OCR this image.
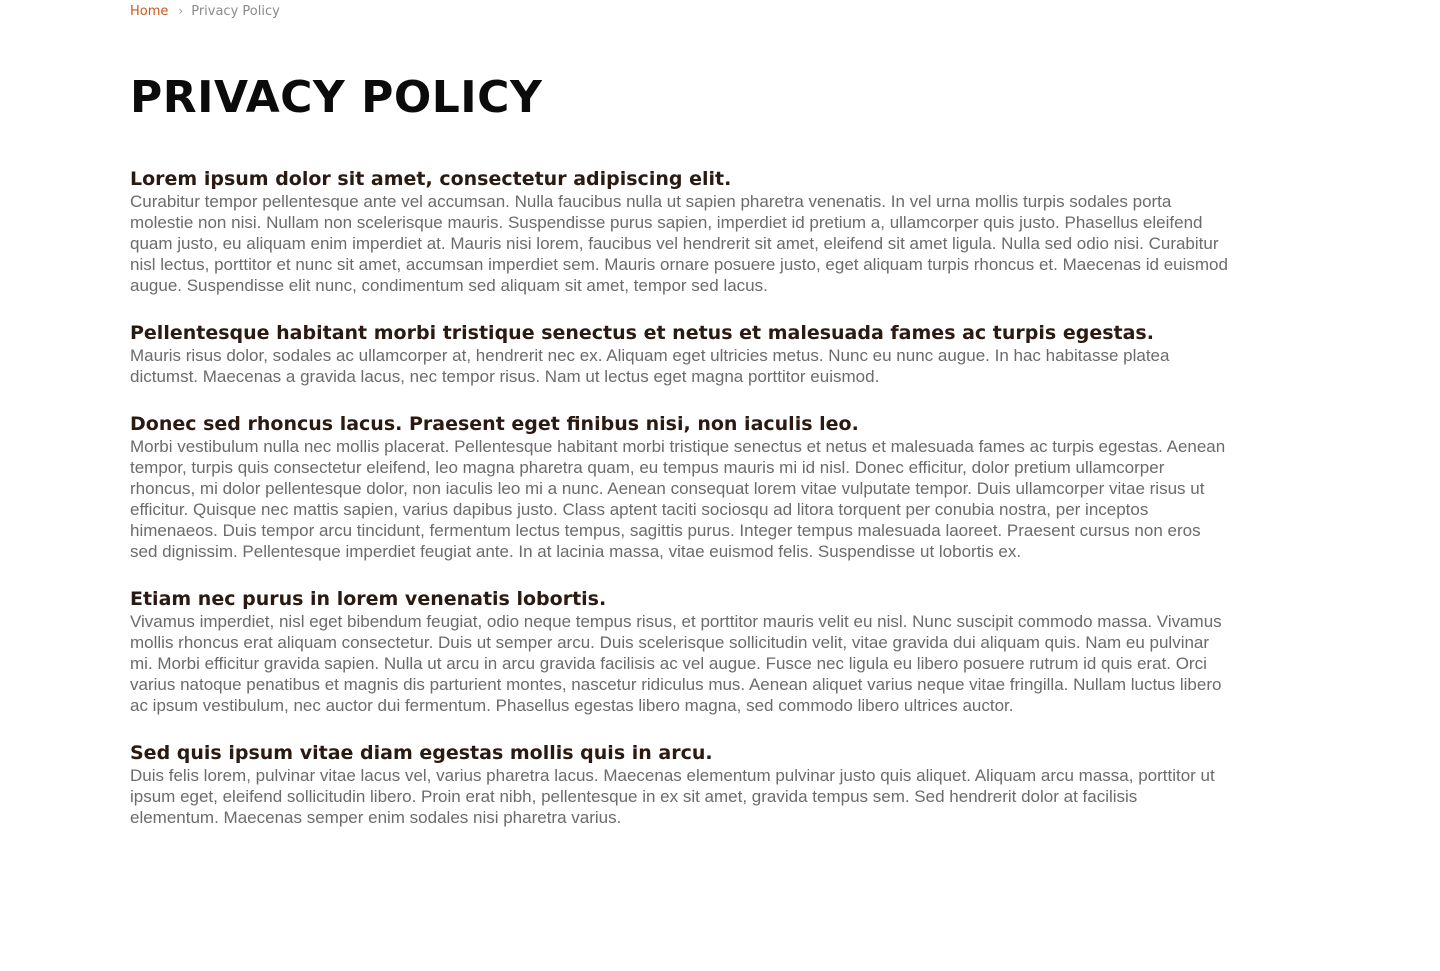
Home › Privacy Policy
PRIVACY POLICY
Lorem ipsum dolor sit amet, consectetur adipiscing elit.

Curabitur tempor pellentesque ante vel accumsan. Nulla faucibus nulla ut sapien pharetra venenatis. In vel urna mollis turpis sodales porta molestie non nisi. Nullam non scelerisque mauris. Suspendisse purus sapien, imperdiet id pretium a, ullamcorper quis justo. Phasellus eleifend quam justo, eu aliquam enim imperdiet at. Mauris nisi lorem, faucibus vel hendrerit sit amet, eleifend sit amet ligula. Nulla sed odio nisi. Curabitur nisl lectus, porttitor et nunc sit amet, accumsan imperdiet sem. Mauris ornare posuere justo, eget aliquam turpis rhoncus et. Maecenas id euismod augue. Suspendisse elit nunc, condimentum sed aliquam sit amet, tempor sed lacus.

Pellentesque habitant morbi tristique senectus et netus et malesuada fames ac turpis egestas.

Mauris risus dolor, sodales ac ullamcorper at, hendrerit nec ex. Aliquam eget ultricies metus. Nunc eu nunc augue. In hac habitasse platea dictumst. Maecenas a gravida lacus, nec tempor risus. Nam ut lectus eget magna porttitor euismod.

Donec sed rhoncus lacus. Praesent eget finibus nisi, non iaculis leo.

Morbi vestibulum nulla nec mollis placerat. Pellentesque habitant morbi tristique senectus et netus et malesuada fames ac turpis egestas. Aenean tempor, turpis quis consectetur eleifend, leo magna pharetra quam, eu tempus mauris mi id nisl. Donec efficitur, dolor pretium ullamcorper rhoncus, mi dolor pellentesque dolor, non iaculis leo mi a nunc. Aenean consequat lorem vitae vulputate tempor. Duis ullamcorper vitae risus ut efficitur. Quisque nec mattis sapien, varius dapibus justo. Class aptent taciti sociosqu ad litora torquent per conubia nostra, per inceptos himenaeos. Duis tempor arcu tincidunt, fermentum lectus tempus, sagittis purus. Integer tempus malesuada laoreet. Praesent cursus non eros sed dignissim. Pellentesque imperdiet feugiat ante. In at lacinia massa, vitae euismod felis. Suspendisse ut lobortis ex.

Etiam nec purus in lorem venenatis lobortis.

Vivamus imperdiet, nisl eget bibendum feugiat, odio neque tempus risus, et porttitor mauris velit eu nisl. Nunc suscipit commodo massa. Vivamus mollis rhoncus erat aliquam consectetur. Duis ut semper arcu. Duis scelerisque sollicitudin velit, vitae gravida dui aliquam quis. Nam eu pulvinar mi. Morbi efficitur gravida sapien. Nulla ut arcu in arcu gravida facilisis ac vel augue. Fusce nec ligula eu libero posuere rutrum id quis erat. Orci varius natoque penatibus et magnis dis parturient montes, nascetur ridiculus mus. Aenean aliquet varius neque vitae fringilla. Nullam luctus libero ac ipsum vestibulum, nec auctor dui fermentum. Phasellus egestas libero magna, sed commodo libero ultrices auctor.

Sed quis ipsum vitae diam egestas mollis quis in arcu.

Duis felis lorem, pulvinar vitae lacus vel, varius pharetra lacus. Maecenas elementum pulvinar justo quis aliquet. Aliquam arcu massa, porttitor ut ipsum eget, eleifend sollicitudin libero. Proin erat nibh, pellentesque in ex sit amet, gravida tempus sem. Sed hendrerit dolor at facilisis elementum. Maecenas semper enim sodales nisi pharetra varius.
